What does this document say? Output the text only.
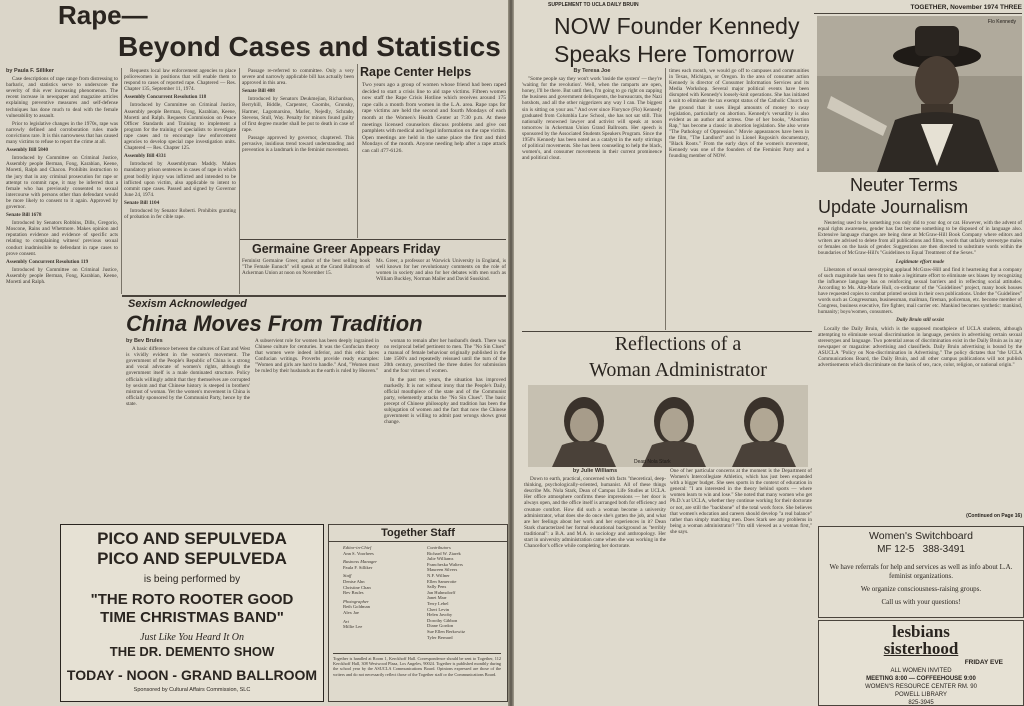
Rape—
Beyond Cases and Statistics
by Paula F. Silliker

Case descriptions of rape range from distressing to barbaric, and statistics serve to underscore the severity of this ever increasing phenomenon. The recent increase in newspaper and magazine articles explaining preventive measures and self-defense techniques has done much to deal with the female vulnerability to assault.

Prior to legislative changes in the 1970s, rape was narrowly defined and corroboration rules made convictions rare. It is this narrowness that has caused many victims to refuse to report the crime at all.

Assembly Bill 5840

Introduced by Committee on Criminal Justice, Assembly people Berman, Fong, Karabian, Keene, Moretti, Ralph and Chacon. Prohibits instruction to the jury that in any criminal prosecution for rape or attempt to commit rape, it may be inferred that a female who has previously consented to sexual intercourse with persons other than defendant would be more likely to consent to it again. Approved by governor.

Senate Bill 1678

Introduced by Senators Robbins, Dills, Gregorio, Moscone, Rains and Whetmore. Makes opinion and reputation evidence and evidence of specific acts relating to complaining witness' previous sexual conduct inadmissible to defendant in rape cases to prove consent.

Assembly Concurrent Resolution 119

Introduced by Committee on Criminal Justice, Assembly people Berman, Fong, Karabian, Keene, Moretti and Ralph.

Requests local law enforcement agencies to place policewomen in positions that will enable them to respond to cases of reported rape. Chaptered — Res. Chapter 135, September 11, 1974.

Assembly Concurrent Resolution 118

Introduced by Committee on Criminal Justice, Assembly people Berman, Fong, Karabian, Keene, Moretti and Ralph. Requests Commission on Peace Officer Standards and Training to implement a program for the training of specialists to investigate rape cases and to encourage law enforcement agencies to develop special rape investigation units. Chaptered — Res. Chapter 125.

Assembly Bill 4331

Introduced by Assemblyman Maddy. Makes mandatory prison sentences in cases of rape in which great bodily injury was inflicted and intended to be inflicted upon victim, also applicable to intent to commit rape cases. Passed and signed by Governor June 24, 1974.

Senate Bill 1104

Introduced by Senator Roberti. Prohibits granting of probation in fer cible rape.

Passage re-referred to committee. Only a very severe and narrowly applicable bill has actually been approved in this area.

Senate Bill 408

Introduced by Senators Deukmejian, Richardson, Berryhill, Biddle, Carpenter, Coombs, Grunsky, Harmer, Lagomarsino, Marler, Nejedly, Schrade, Stevens, Stull, Way. Penalty for minors found guilty of first degree murder shall be put to death in case of rape.

Passage approved by governor, chaptered. This pervasive, insidious trend toward understanding and prevention is a landmark in the feminist movement.

Rape Center Helps
Two years ago a group of women whose friend had been raped decided to start a crisis line to aid rape victims. Fifteen women now staff the Rape Crisis Hotline which receives around 175 rape calls a month from women in the L.A. area. Rape raps for rape victims are held the second and fourth Mondays of each month at the Women's Health Center at 7:30 p.m. At these meetings licensed counselors discuss problems and give out pamphlets with medical and legal information on the rape victim. Open meetings are held in the same place the first and third Mondays of the month. Anyone needing help after a rape attack can call 477-6126.
Germaine Greer Appears Friday
Feminist Germaine Greer, author of the best selling book "The Female Eunuch" will speak at the Grand Ballroom of Ackerman Union at noon on November 15.
Ms. Greer, a professor at Warwick University in England, is well known for her revolutionary comments on the role of women in society and also for her debates with men such as William Buckley, Norman Mailer and David Susskind.
Sexism Acknowledged
China Moves From Tradition
by Bev Brules

A basic difference between the cultures of East and West is vividly evident in the women's movement. The government of the People's Republic of China is a strong and vocal advocate of women's rights, although the government itself is a male dominated structure. Policy officials willingly admit that they themselves are corrupted by sexism and that Chinese history is steeped in brothers' mistrust of woman. Yet the women's movement in China is officially sponsored by the Communist Party, hence by the state.

A subservient role for women has been deeply ingrained in Chinese culture for centuries. It was the Confucian theory that women were indeed inferior, and this ethic laces Confucian writings. Proverbs provide ready examples: "Women and girls are hard to handle." And, "Women must be ruled by their husbands as the earth is ruled by Heaven."

woman to remain after her husband's death. There was no reciprocal belief pertinent to men. The "No Sin Clues" a manual of female behaviour originally published in the late 1500's and repeatedly reissued until the turn of the 20th century, prescribed the three duties for submission and the four virtues of women.

In the past ten years, the situation has improved markedly. It is not without irony that the People's Daily, official mouthpiece of the state and of the Communist party, vehemently attacks the "No Sin Clues". The basic precept of Chinese philosophy and tradition has been the subjugation of women and the fact that now the Chinese government is willing to admit past wrongs shows great change.

PICO AND SEPULVEDA
PICO AND SEPULVEDA
is being performed by
"THE ROTO ROOTER GOOD TIME CHRISTMAS BAND"
Just Like You Heard It On
THE DR. DEMENTO SHOW
TODAY - NOON - GRAND BALLROOM
Sponsored by Cultural Affairs Commission, SLC
Together Staff
Editor-in-Chief
Ann S. Voorhees
Business Manager
Paula F. Silliker
Staff
Denise Ahn
Christine Chan
Bev Brules
Photographer
Beth Goldman
Alex Jae
Art
Millie Lee
Contributors
Richard W. Ziarek
Julie Williams
Francheska Walters
Maureen Silvers
N.F. Willner
Ellen Samerotte
Sally Pens
Jan Huhnsdorff
Janet Marr
Terry Lebel
Cheri Levin
Helen Javoby
Dorothy Gibbon
Diane Gordon
Sue Ellen Berkowitz
Tyler Bernard
Together is handled at Room 1, Kerckhoff Hall. Correspondence should be sent to Together, 112 Kerckhoff Hall, 308 Westwood Plaza, Los Angeles, 90024. Together is published monthly during the school year by the ASUCLA Communications Board. Opinions expressed are those of the writers and do not necessarily reflect those of the Together staff or the Communications Board.
SUPPLEMENT TO UCLA DAILY BRUIN	TOGETHER, November 1974 THREE
NOW Founder Kennedy
Speaks Here Tomorrow
By Teresa Joe

"Some people say they won't work 'inside the system' — they're 'waiting for the revolution'. Well, when the ramparts are open, honey, I'll be there. But until then, I'm going to go right on zapping the business and government delinquents, the bureaucrats, the Nazi hotshots, and all the other niggerizers any way I can. The biggest sin is sitting on your ass." And over since Florynce (Flo) Kennedy graduated from Columbia Law School, she has not sat still. This nationally renowned lawyer and activist will speak at noon tomorrow in Ackerman Union Grand Ballroom. Her speech is sponsored by the Associated Students Speakers Program. Since the 1950's Kennedy has been noted as a catalyst in the early stirrings of political movements. She has been counseling to help the black, women's, and consumer movements in their current prominence and political clout.

times each month, we would go off to campuses and communities in Texas, Michigan, or Oregon. In the area of consumer action Kennedy is director of Consumer Information Services and its Media Workshop. Several major political events have been disrupted with Kennedy's loosely-knit operations. She has initiated a suit to eliminate the tax exempt status of the Catholic Church on the ground that it uses illegal amounts of money to sway legislation, particularly on abortion. Kennedy's versatility is also evident as an author and actress. One of her books, "Abortion Rap," has become a classic in abortion legislation. She also wrote "The Pathology of Oppression." Movie appearances have been in the film, "The Landlord" and in Lionel Rogosin's documentary, "Black Roots." From the early days of the women's movement, Kennedy was one of the founders of the Feminist Party and a founding member of NOW.
Flo Kennedy
Neuter Terms
Update Journalism

Neutering used to be something you only did to your dog or cat. However, with the advent of equal rights awareness, gender has fast become something to be disposed of in language also. Extensive language changes are being done at McGraw-Hill Book Company where editors and writers are advised to delete from all publications and films, words that unfairly stereotype males or females on the basis of gender. Suggestions are then directed to substitute words within the boundaries of McGraw-Hill's "Guidelines to Equal Treatment of the Sexes."

Legitimate effort made

Liberators of sexual stereotyping applaud McGraw-Hill and find it heartening that a company of such magnitude has seen fit to make a legitimate effort to eliminate sex biases by recognizing the influence language has on reinforcing sexual barriers and in reflecting social attitudes. According to Ms. Alta-Marie Hull, co-ordinator of the "Guidelines" project, many book houses have requested copies to combat printed sexism in their own publications. Under the "Guidelines" words such as Congressman, businessman, mailman, fireman, policeman, etc. become member of Congress, business executive, fire fighter, mail carrier etc. Mankind becomes synthetic: mankind, humanity; boys/women, consumers.

Daily Bruin still sexist

Locally the Daily Bruin, which is the supposed mouthpiece of UCLA students, although attempting to eliminate sexual discrimination in language, persists in advertising certain sexual stereotypes and language. Two potential areas of discrimination exist in the Daily Bruin as in any newspaper or magazine: advertising and classifieds. Daily Bruin advertising is bound by the ASUCLA "Policy on Non-discrimination in Advertising." The policy dictates that "the UCLA Communications Board, the Daily Bruin, and all other campus publications will not publish advertisements which discriminate on the basis of sex, race, color, religion, or national origin."

(Continued on Page 16)
Reflections of a
Woman Administrator
Dean Nola Stark
by Julie Williams

Down to earth, practical, concerned with facts "theoretical, deep-thinking, psychologically-oriented, humanist. All of these things describe Ms. Nola Stark, Dean of Campus Life Studies at UCLA. Her office atmosphere confirms these impressions — her door is always open, and the office itself is arranged both for efficiency and creature comfort. How did such a woman become a university administrator, what does she do once she's gotten the job, and what are her feelings about her work and her experiences in it? Dean Stark characterized her formal educational background as "terribly traditional": a B.A. and M.A. in sociology and anthropology. Her start in university administration came when she was working in the Chancellor's office while completing her doctorate.

One of her particular concerns at the moment is the Department of Women's Intercollegiate Athletics, which has just been expanded with a bigger budget. She sees sports in the context of education in general: "I am interested in the theory behind sports — where women learn to win and lose." She noted that many women who get Ph.D.'s at UCLA, whether they continue working for their doctorate or not, are still the "backbone" of the total work force. She believes that women's education and careers should develop "a real balance" rather than simply matching men. Does Stark see any problems in being a woman administrator? "I'm still viewed as a woman first," she says.	Women's Switchboard
MF 12-5   388-3491
We have referrals for help and services as well as info about L.A. feminist organizations.
We organize consciousness-raising groups.
Call us with your questions!
lesbians
sisterhood
FRIDAY EVE
ALL WOMEN INVITED
MEETING 8:00 — COFFEEHOUSE 9:00
WOMEN'S RESOURCE CENTER RM. 90
POWELL LIBRARY
825-3945
